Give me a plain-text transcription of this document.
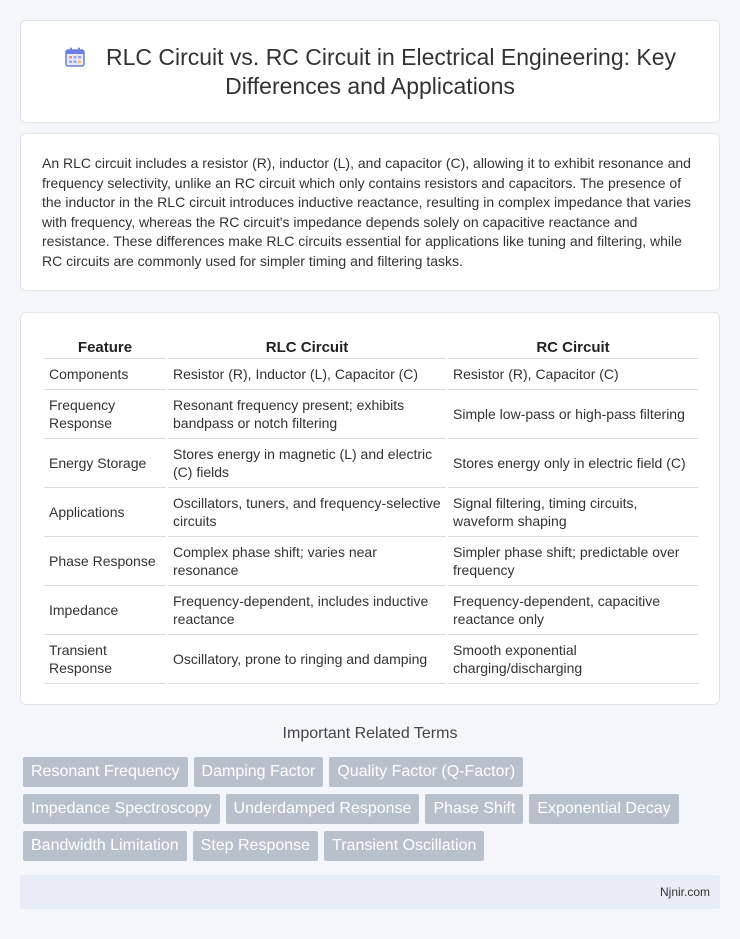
RLC Circuit vs. RC Circuit in Electrical Engineering: Key Differences and Applications

An RLC circuit includes a resistor (R), inductor (L), and capacitor (C), allowing it to exhibit resonance and frequency selectivity, unlike an RC circuit which only contains resistors and capacitors. The presence of the inductor in the RLC circuit introduces inductive reactance, resulting in complex impedance that varies with frequency, whereas the RC circuit's impedance depends solely on capacitive reactance and resistance. These differences make RLC circuits essential for applications like tuning and filtering, while RC circuits are commonly used for simpler timing and filtering tasks.

Feature	RLC Circuit	RC Circuit
Components	Resistor (R), Inductor (L), Capacitor (C)	Resistor (R), Capacitor (C)
Frequency Response	Resonant frequency present; exhibits bandpass or notch filtering	Simple low-pass or high-pass filtering
Energy Storage	Stores energy in magnetic (L) and electric (C) fields	Stores energy only in electric field (C)
Applications	Oscillators, tuners, and frequency-selective circuits	Signal filtering, timing circuits, waveform shaping
Phase Response	Complex phase shift; varies near resonance	Simpler phase shift; predictable over frequency
Impedance	Frequency-dependent, includes inductive reactance	Frequency-dependent, capacitive reactance only
Transient Response	Oscillatory, prone to ringing and damping	Smooth exponential charging/discharging
Important Related Terms
Resonant Frequency	Damping Factor	Quality Factor (Q-Factor)
Impedance Spectroscopy	Underdamped Response	Phase Shift	Exponential Decay
Bandwidth Limitation	Step Response	Transient Oscillation
Njnir.com
